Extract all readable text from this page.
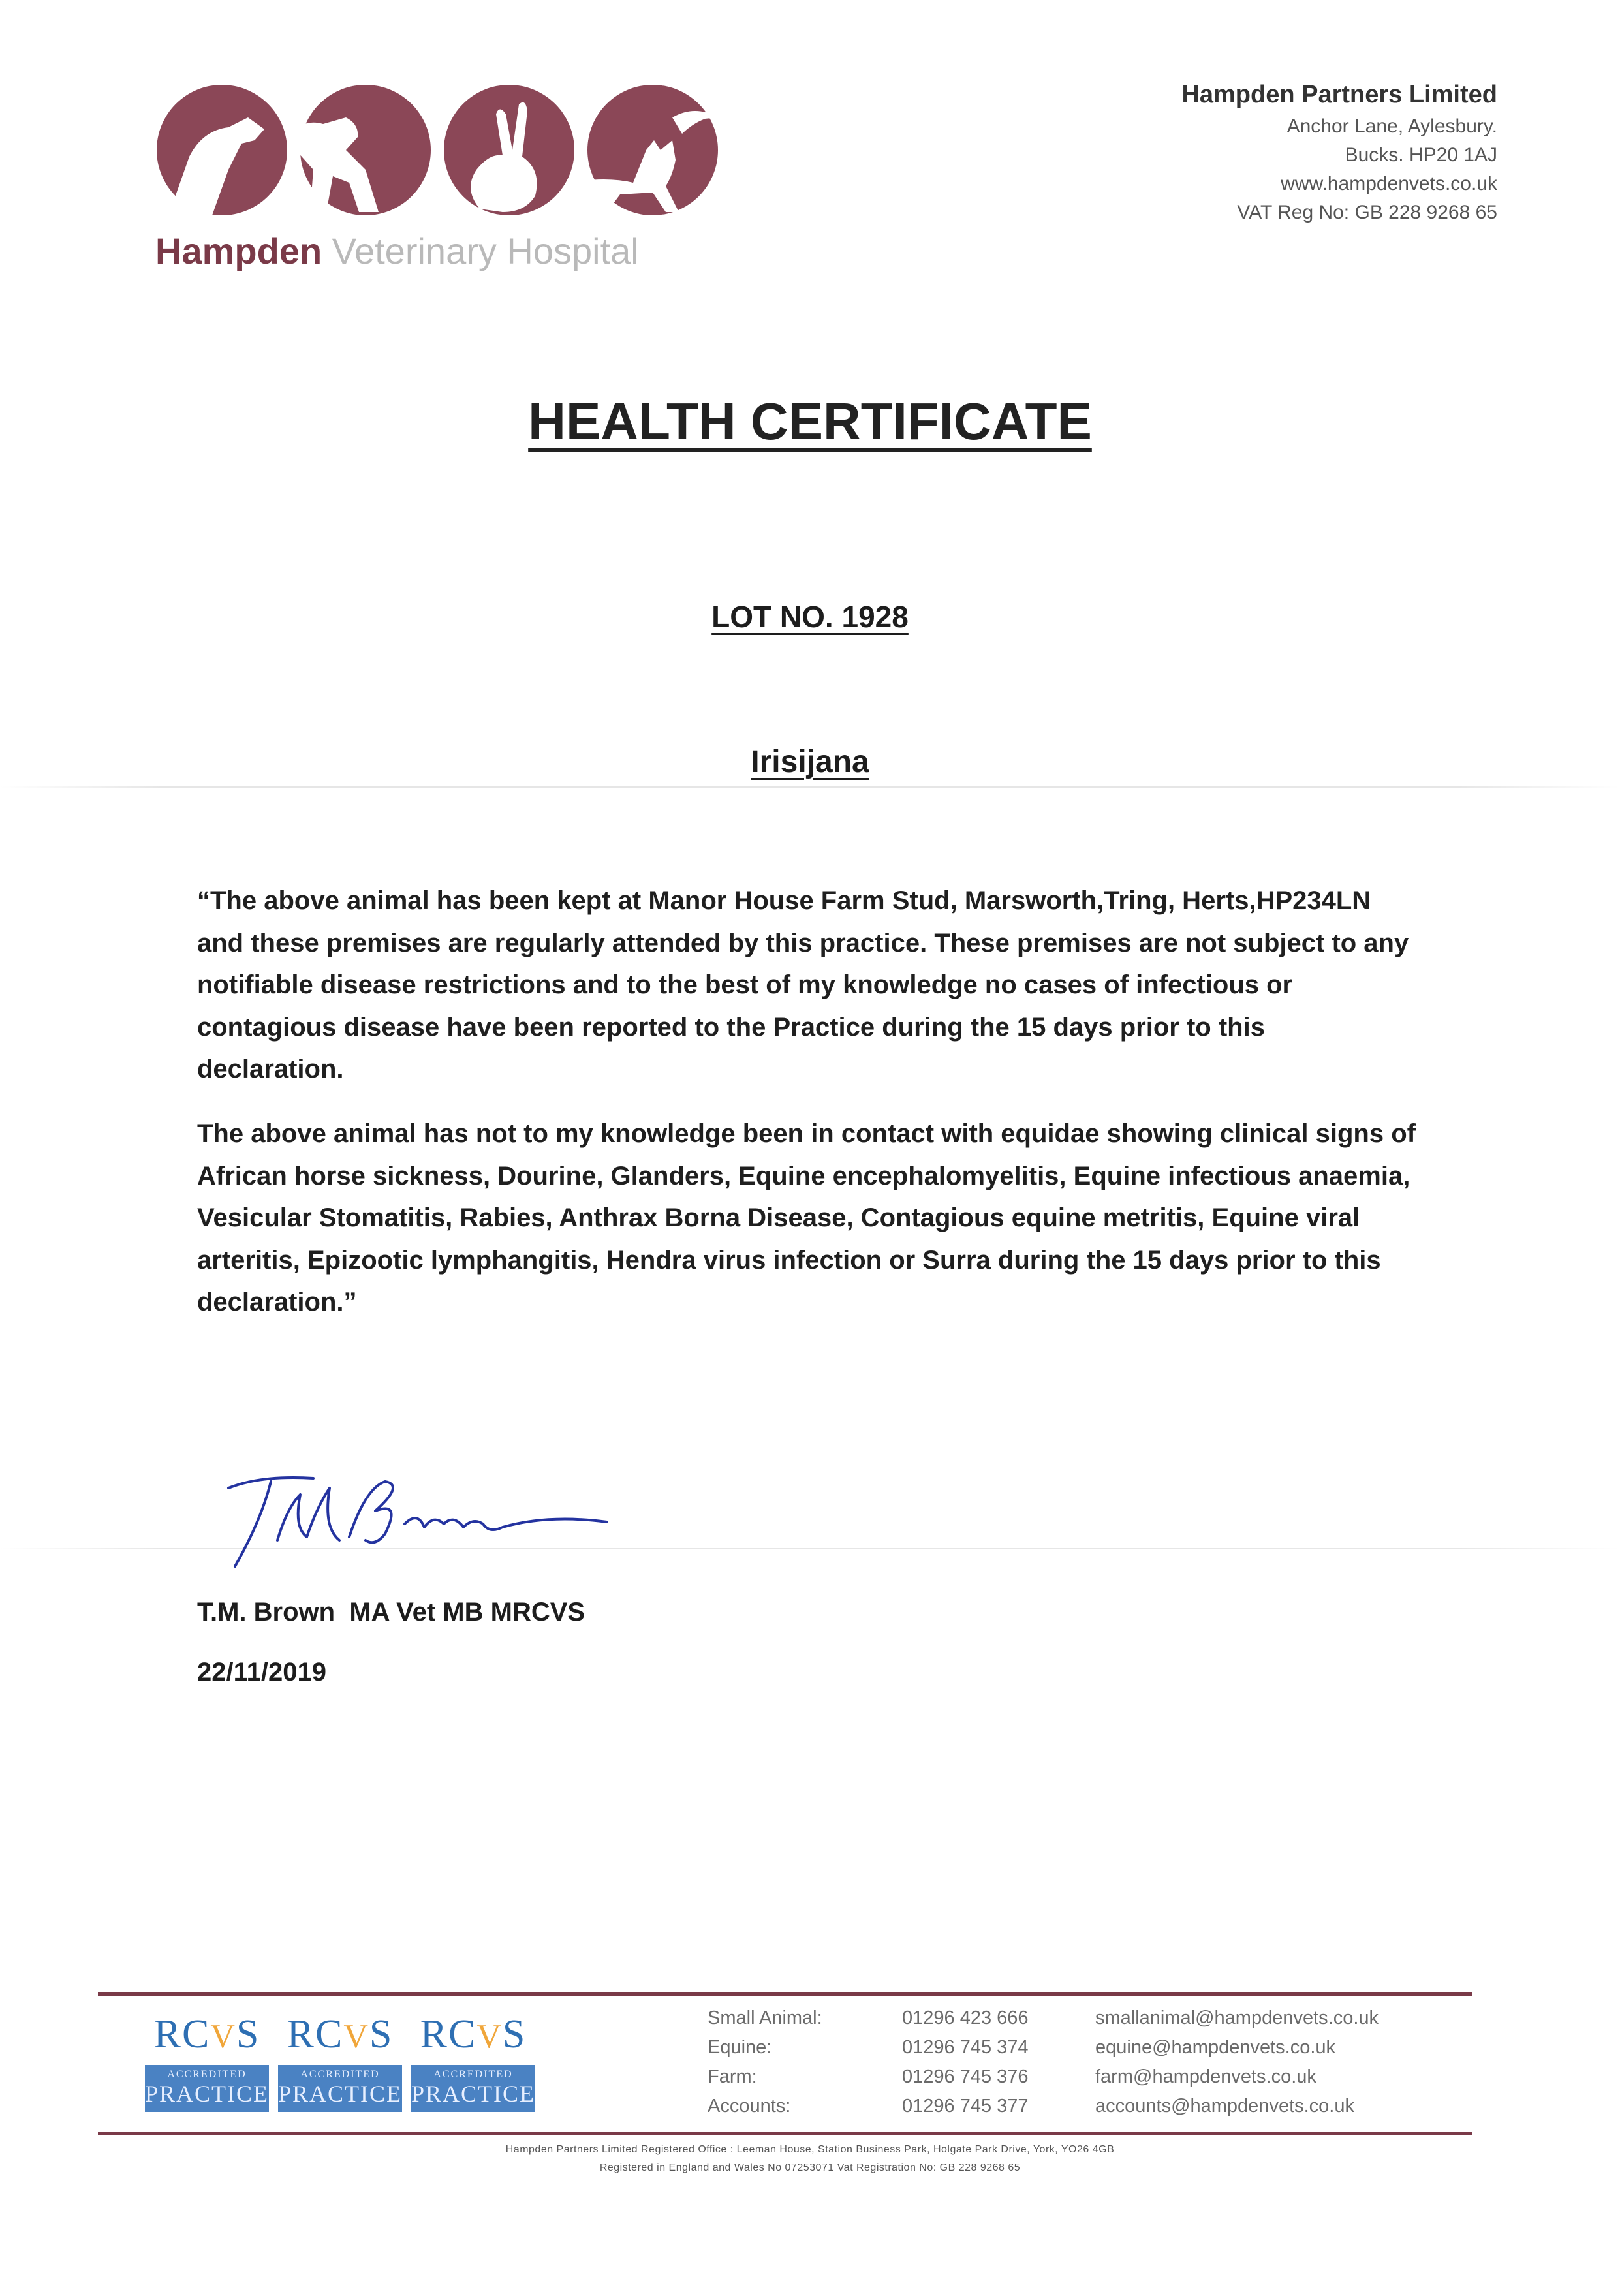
Hampden Veterinary Hospital
Hampden Partners Limited
Anchor Lane, Aylesbury.
Bucks. HP20 1AJ
www.hampdenvets.co.uk
VAT Reg No: GB 228 9268 65
HEALTH CERTIFICATE
LOT NO. 1928
Irisijana

“The above animal has been kept at Manor House Farm Stud, Marsworth,Tring, Herts,HP234LN and these premises are regularly attended by this practice. These premises are not subject to any notifiable disease restrictions and to the best of my knowledge no cases of infectious or contagious disease have been reported to the Practice during the 15 days prior to this declaration.

The above animal has not to my knowledge been in contact with equidae showing clinical signs of African horse sickness, Dourine, Glanders, Equine encephalomyelitis, Equine infectious anaemia, Vesicular Stomatitis, Rabies, Anthrax Borna Disease, Contagious equine metritis, Equine viral arteritis, Epizootic lymphangitis, Hendra virus infection or Surra during the 15 days prior to this declaration.”

T.M. Brown  MA Vet MB MRCVS
22/11/2019
RCVS
ACCREDITED
PRACTICE
RCVS
ACCREDITED
PRACTICE
RCVS
ACCREDITED
PRACTICE
Small Animal:	01296 423 666	smallanimal@hampdenvets.co.uk
Equine:	01296 745 374	equine@hampdenvets.co.uk
Farm:	01296 745 376	farm@hampdenvets.co.uk
Accounts:	01296 745 377	accounts@hampdenvets.co.uk
Hampden Partners Limited Registered Office : Leeman House, Station Business Park, Holgate Park Drive, York, YO26 4GB
Registered in England and Wales No 07253071 Vat Registration No: GB 228 9268 65
